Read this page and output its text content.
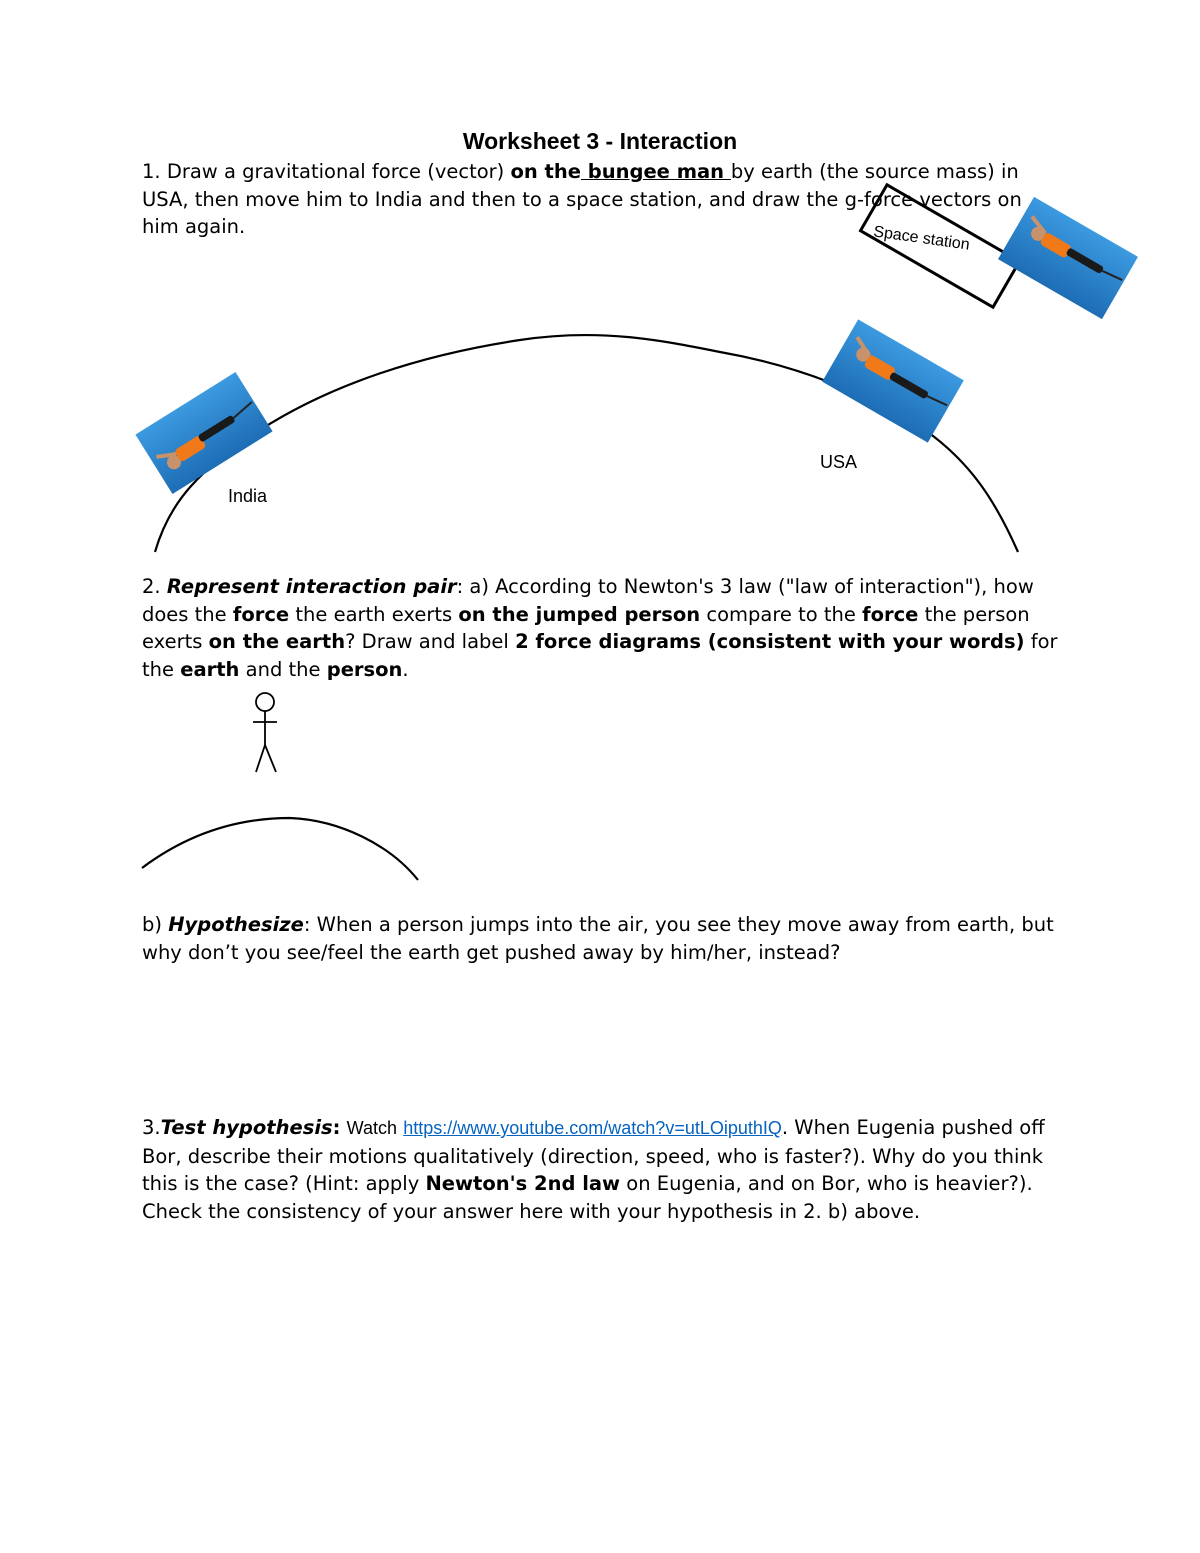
Worksheet 3 - Interaction

1. Draw a gravitational force (vector) on the bungee man by earth (the source mass) in USA, then move him to India and then to a space station, and draw the g-force vectors on him again.	Space station
India
USA

2. Represent interaction pair: a) According to Newton's 3 law ("law of interaction"), how does the force the earth exerts on the jumped person compare to the force the person exerts on the earth? Draw and label 2 force diagrams (consistent with your words) for the earth and the person.

b) Hypothesize: When a person jumps into the air, you see they move away from earth, but why don’t you see/feel the earth get pushed away by him/her, instead?

3.Test hypothesis: Watch https://www.youtube.com/watch?v=utLOiputhIQ. When Eugenia pushed off Bor, describe their motions qualitatively (direction, speed, who is faster?). Why do you think this is the case? (Hint: apply Newton's 2nd law on Eugenia, and on Bor, who is heavier?). Check the consistency of your answer here with your hypothesis in 2. b) above.
